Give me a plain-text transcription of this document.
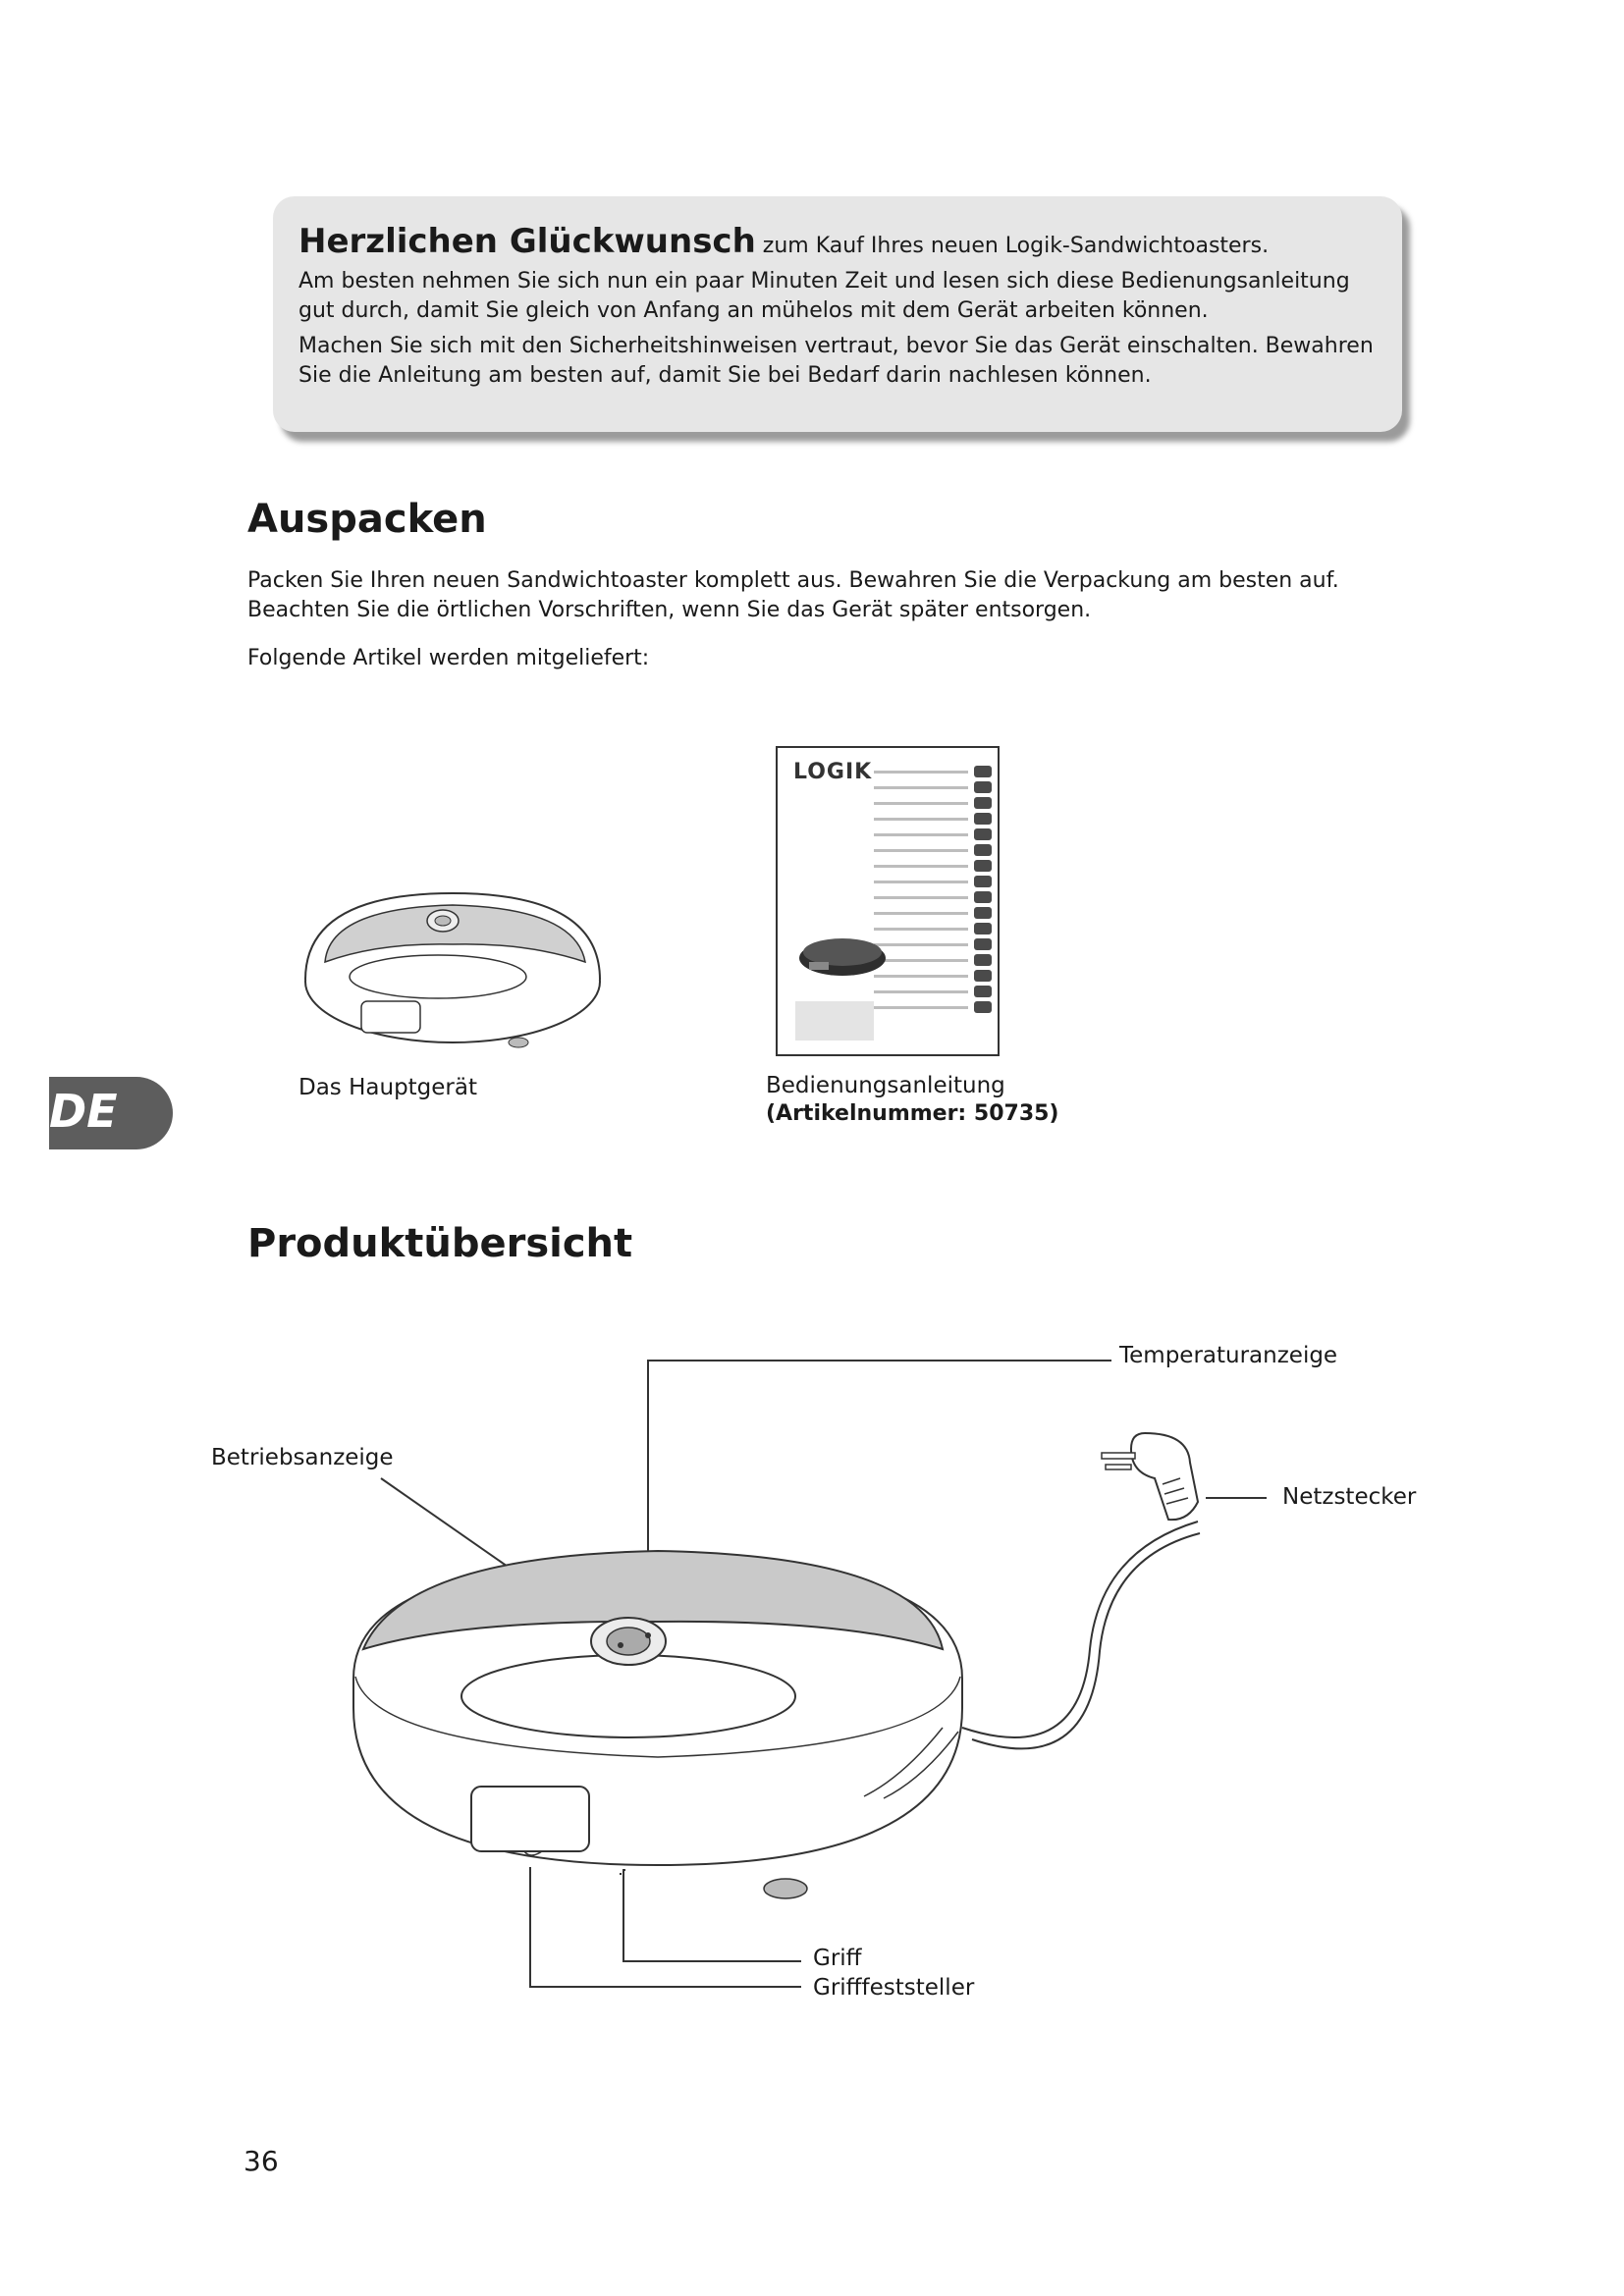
Herzlichen Glückwunsch zum Kauf Ihres neuen Logik-Sandwichtoasters.

Am besten nehmen Sie sich nun ein paar Minuten Zeit und lesen sich diese Bedienungsanleitung gut durch, damit Sie gleich von Anfang an mühelos mit dem Gerät arbeiten können.

Machen Sie sich mit den Sicherheitshinweisen vertraut, bevor Sie das Gerät einschalten. Bewahren Sie die Anleitung am besten auf, damit Sie bei Bedarf darin nachlesen können.

Auspacken

Packen Sie Ihren neuen Sandwichtoaster komplett aus. Bewahren Sie die Verpackung am besten auf. Beachten Sie die örtlichen Vorschriften, wenn Sie das Gerät später entsorgen.

Folgende Artikel werden mitgeliefert:

Das Hauptgerät
LOGIK
Bedienungsanleitung
(Artikelnummer: 50735)
DE
Produktübersicht
Temperaturanzeige
Betriebsanzeige
Netzstecker
Griff
Grifffeststeller
36
